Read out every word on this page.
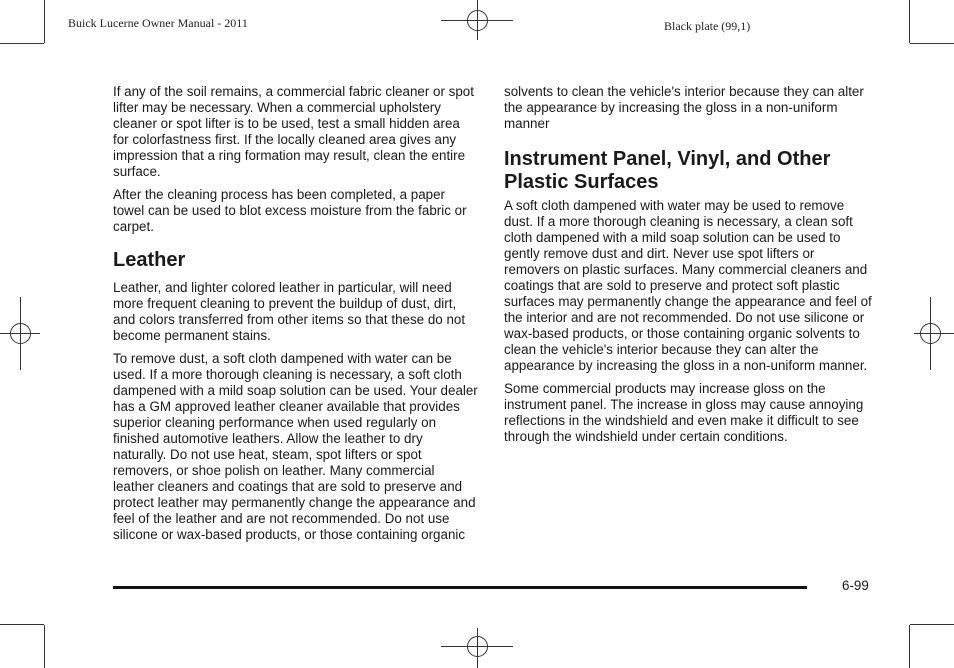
Buick Lucerne Owner Manual - 2011	Black plate (99,1)

If any of the soil remains, a commercial fabric cleaner or spot lifter may be necessary. When a commercial upholstery cleaner or spot lifter is to be used, test a small hidden area for colorfastness first. If the locally cleaned area gives any impression that a ring formation may result, clean the entire surface.

After the cleaning process has been completed, a paper towel can be used to blot excess moisture from the fabric or carpet.

Leather

Leather, and lighter colored leather in particular, will need more frequent cleaning to prevent the buildup of dust, dirt, and colors transferred from other items so that these do not become permanent stains.

To remove dust, a soft cloth dampened with water can be used. If a more thorough cleaning is necessary, a soft cloth dampened with a mild soap solution can be used. Your dealer has a GM approved leather cleaner available that provides superior cleaning performance when used regularly on finished automotive leathers. Allow the leather to dry naturally. Do not use heat, steam, spot lifters or spot removers, or shoe polish on leather. Many commercial leather cleaners and coatings that are sold to preserve and protect leather may permanently change the appearance and feel of the leather and are not recommended. Do not use silicone or wax-based products, or those containing organic

solvents to clean the vehicle's interior because they can alter the appearance by increasing the gloss in a non-uniform manner

Instrument Panel, Vinyl, and Other Plastic Surfaces

A soft cloth dampened with water may be used to remove dust. If a more thorough cleaning is necessary, a clean soft cloth dampened with a mild soap solution can be used to gently remove dust and dirt. Never use spot lifters or removers on plastic surfaces. Many commercial cleaners and coatings that are sold to preserve and protect soft plastic surfaces may permanently change the appearance and feel of the interior and are not recommended. Do not use silicone or wax-based products, or those containing organic solvents to clean the vehicle's interior because they can alter the appearance by increasing the gloss in a non-uniform manner.

Some commercial products may increase gloss on the instrument panel. The increase in gloss may cause annoying reflections in the windshield and even make it difficult to see through the windshield under certain conditions.

6-99
